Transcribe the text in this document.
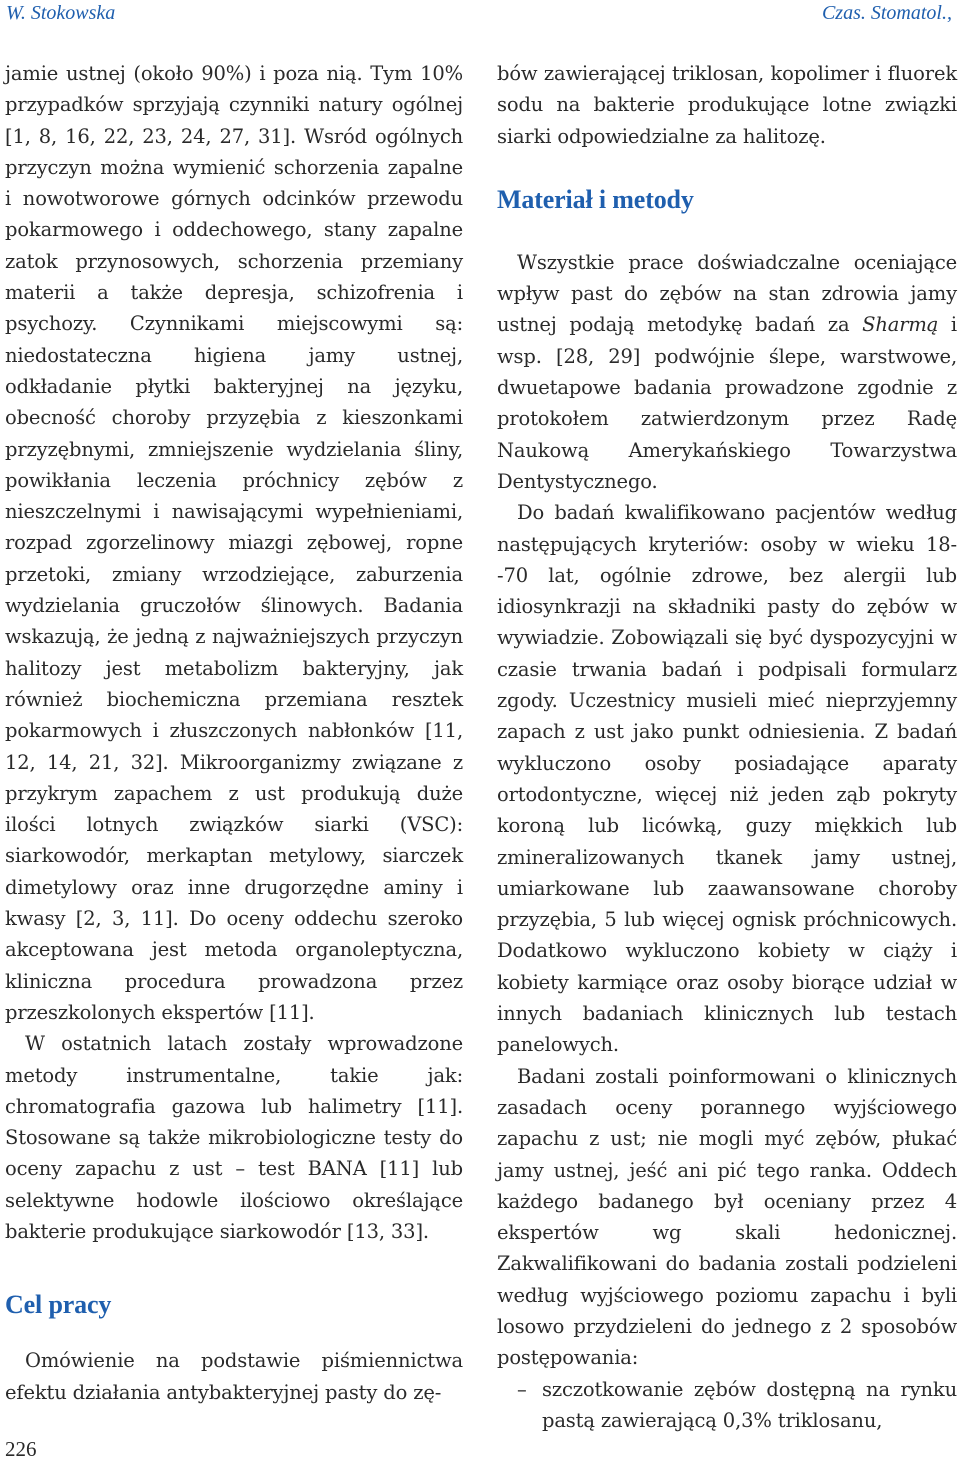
W. Stokowska	Czas. Stomatol.,

jamie ustnej (około 90%) i poza nią. Tym 10% przypadków sprzyjają czynniki natury ogólnej [1, 8, 16, 22, 23, 24, 27, 31]. Wsród ogólnych przyczyn można wymienić schorzenia zapalne i nowotworowe górnych odcinków przewodu pokarmowego i oddechowego, stany zapalne zatok przynosowych, schorzenia przemiany materii a także depresja, schizofrenia i psychozy. Czynnikami miejscowymi są: niedostateczna higiena jamy ustnej, odkładanie płytki bakteryjnej na języku, obecność choroby przyzębia z kieszonkami przyzębnymi, zmniejszenie wydzielania śliny, powikłania leczenia próchnicy zębów z nieszczelnymi i nawisającymi wypełnieniami, rozpad zgorzelinowy miazgi zębowej, ropne przetoki, zmiany wrzodziejące, zaburzenia wydzielania gruczołów ślinowych. Badania wskazują, że jedną z najważniejszych przyczyn halitozy jest metabolizm bakteryjny, jak również biochemiczna przemiana resztek pokarmowych i złuszczonych nabłonków [11, 12, 14, 21, 32]. Mikroorganizmy związane z przykrym zapachem z ust produkują duże ilości lotnych związków siarki (VSC): siarkowodór, merkaptan metylowy, siarczek dimetylowy oraz inne drugorzędne aminy i kwasy [2, 3, 11]. Do oceny oddechu szeroko akceptowana jest metoda organoleptyczna, kliniczna procedura prowadzona przez przeszkolonych ekspertów [11].

W ostatnich latach zostały wprowadzone metody instrumentalne, takie jak: chromatografia gazowa lub halimetry [11]. Stosowane są także mikrobiologiczne testy do oceny zapachu z ust – test BANA [11] lub selektywne hodowle ilościowo określające bakterie produkujące siarkowodór [13, 33].

Cel pracy

Omówienie na podstawie piśmiennictwa efektu działania antybakteryjnej pasty do zę-

bów zawierającej triklosan, kopolimer i fluorek sodu na bakterie produkujące lotne związki siarki odpowiedzialne za halitozę.

Materiał i metody

Wszystkie prace doświadczalne oceniające wpływ past do zębów na stan zdrowia jamy ustnej podają metodykę badań za Sharmą i wsp. [28, 29] podwójnie ślepe, warstwowe, dwuetapowe badania prowadzone zgodnie z protokołem zatwierdzonym przez Radę Naukową Amerykańskiego Towarzystwa Dentystycznego.

Do badań kwalifikowano pacjentów według następujących kryteriów: osoby w wieku 18--70 lat, ogólnie zdrowe, bez alergii lub idiosynkrazji na składniki pasty do zębów w wywiadzie. Zobowiązali się być dyspozycyjni w czasie trwania badań i podpisali formularz zgody. Uczestnicy musieli mieć nieprzyjemny zapach z ust jako punkt odniesienia. Z badań wykluczono osoby posiadające aparaty ortodontyczne, więcej niż jeden ząb pokryty koroną lub licówką, guzy miękkich lub zmineralizowanych tkanek jamy ustnej, umiarkowane lub zaawansowane choroby przyzębia, 5 lub więcej ognisk próchnicowych. Dodatkowo wykluczono kobiety w ciąży i kobiety karmiące oraz osoby biorące udział w innych badaniach klinicznych lub testach panelowych.

Badani zostali poinformowani o klinicznych zasadach oceny porannego wyjściowego zapachu z ust; nie mogli myć zębów, płukać jamy ustnej, jeść ani pić tego ranka. Oddech każdego badanego był oceniany przez 4 ekspertów wg skali hedonicznej. Zakwalifikowani do badania zostali podzieleni według wyjściowego poziomu zapachu i byli losowo przydzieleni do jednego z 2 sposobów postępowania:

– szczotkowanie zębów dostępną na rynku pastą zawierającą 0,3% triklosanu,

226
